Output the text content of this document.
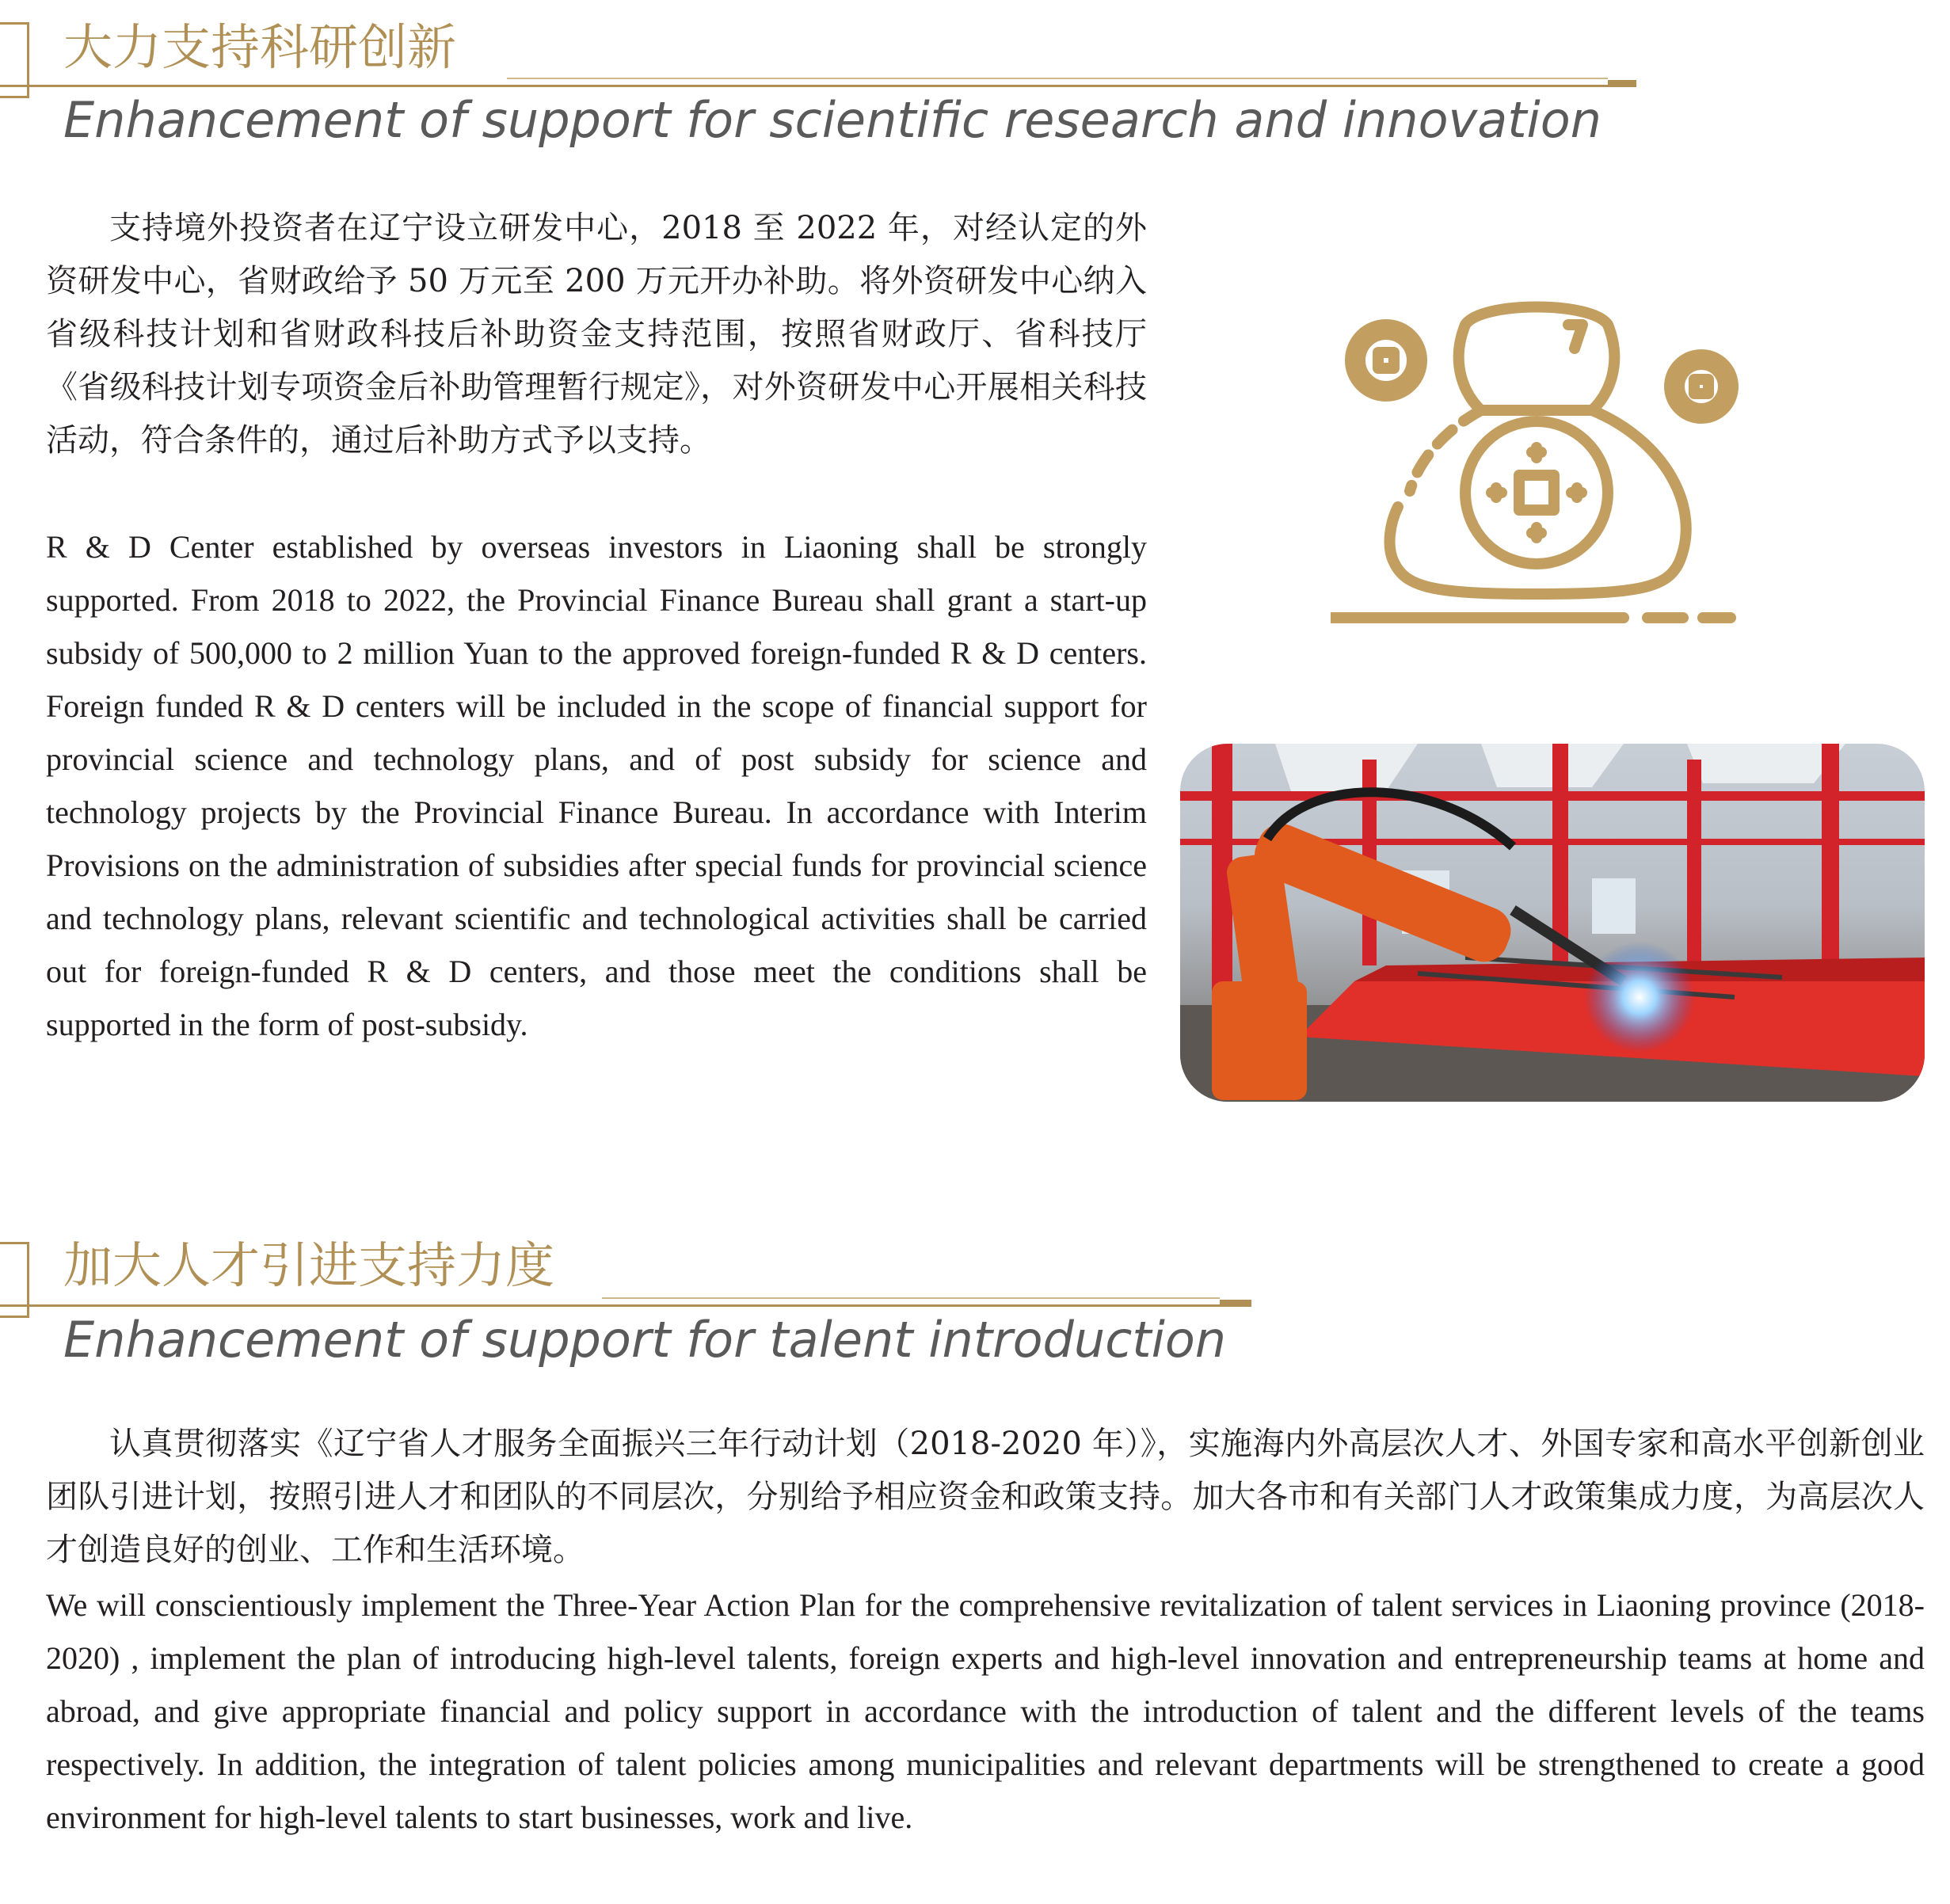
大力支持科研创新
Enhancement of support for scientific research and innovation

支持境外投资者在辽宁设立研发中心，2018 至 2022 年，对经认定的外资研发中心，省财政给予 50 万元至 200 万元开办补助。将外资研发中心纳入省级科技计划和省财政科技后补助资金支持范围，按照省财政厅、省科技厅《省级科技计划专项资金后补助管理暂行规定》，对外资研发中心开展相关科技活动，符合条件的，通过后补助方式予以支持。

R & D Center established by overseas investors in Liaoning shall be strongly supported. From 2018 to 2022, the Provincial Finance Bureau shall grant a start-up subsidy of 500,000 to 2 million Yuan to the approved foreign-funded R & D centers. Foreign funded R & D centers will be included in the scope of financial support for provincial science and technology plans, and of post subsidy for science and technology projects by the Provincial Finance Bureau. In accordance with Interim Provisions on the administration of subsidies after special funds for provincial science and technology plans, relevant scientific and technological activities shall be carried out for foreign-funded R & D centers, and those meet the conditions shall be supported in the form of post-subsidy.

加大人才引进支持力度
Enhancement of support for talent introduction

认真贯彻落实《辽宁省人才服务全面振兴三年行动计划（2018-2020 年）》，实施海内外高层次人才、外国专家和高水平创新创业团队引进计划，按照引进人才和团队的不同层次，分别给予相应资金和政策支持。加大各市和有关部门人才政策集成力度，为高层次人才创造良好的创业、工作和生活环境。

We will conscientiously implement the Three-Year Action Plan for the comprehensive revitalization of talent services in Liaoning province (2018-2020) , implement the plan of introducing high-level talents, foreign experts and high-level innovation and entrepreneurship teams at home and abroad, and give appropriate financial and policy support in accordance with the introduction of talent and the different levels of the teams respectively. In addition, the integration of talent policies among municipalities and relevant departments will be strengthened to create a good environment for high-level talents to start businesses, work and live.
